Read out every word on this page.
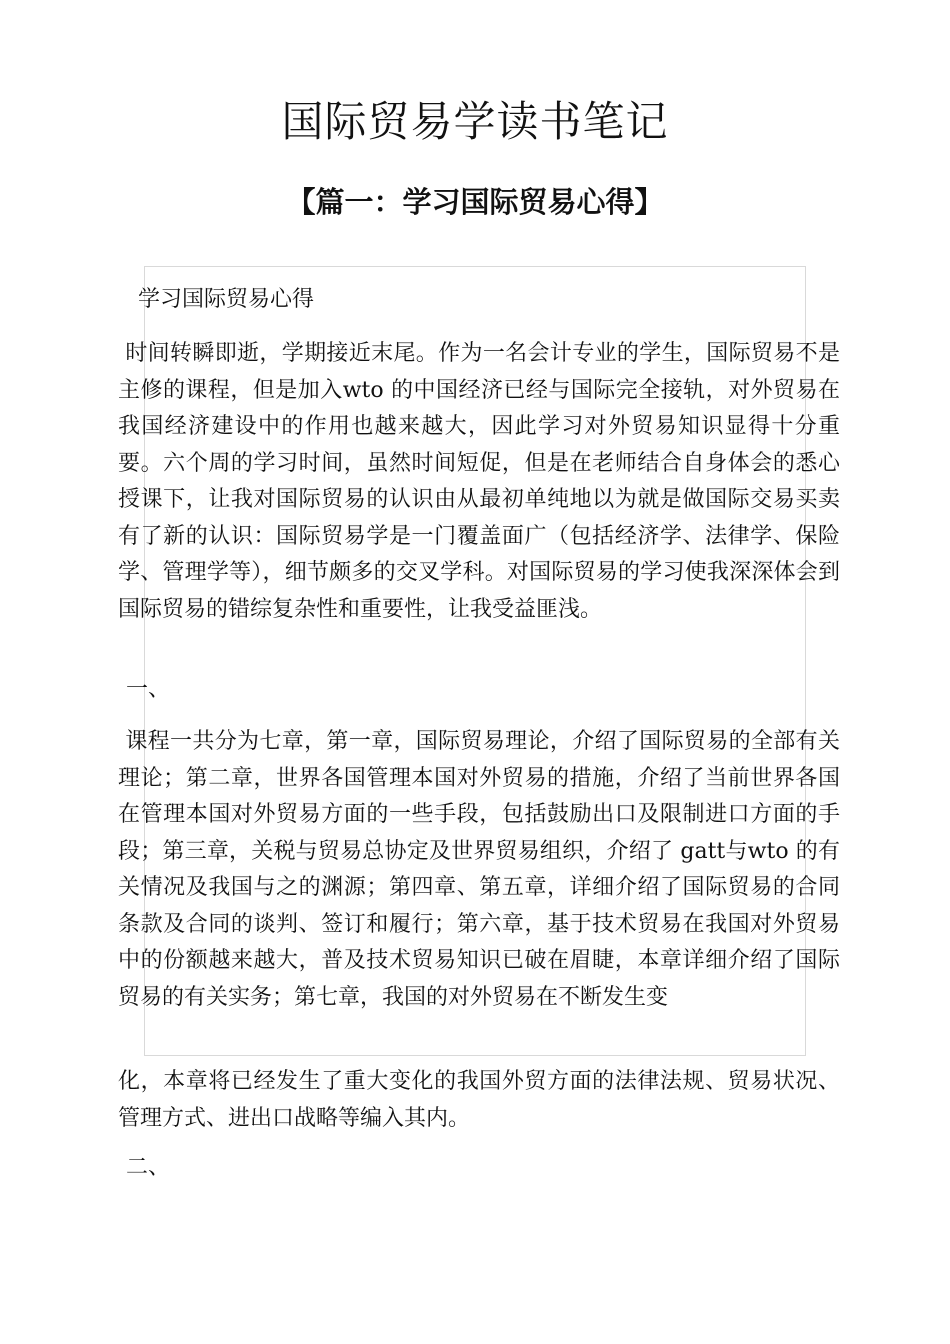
国际贸易学读书笔记
【篇一：学习国际贸易心得】

学习国际贸易心得

时间转瞬即逝，学期接近末尾。作为一名会计专业的学生，国际贸易不是主修的课程，但是加入wto 的中国经济已经与国际完全接轨，对外贸易在我国经济建设中的作用也越来越大，因此学习对外贸易知识显得十分重要。六个周的学习时间，虽然时间短促，但是在老师结合自身体会的悉心授课下，让我对国际贸易的认识由从最初单纯地以为就是做国际交易买卖有了新的认识：国际贸易学是一门覆盖面广（包括经济学、法律学、保险学、管理学等），细节颇多的交叉学科。对国际贸易的学习使我深深体会到国际贸易的错综复杂性和重要性，让我受益匪浅。

一、

课程一共分为七章，第一章，国际贸易理论，介绍了国际贸易的全部有关理论；第二章，世界各国管理本国对外贸易的措施，介绍了当前世界各国在管理本国对外贸易方面的一些手段，包括鼓励出口及限制进口方面的手段；第三章，关税与贸易总协定及世界贸易组织，介绍了 gatt与wto 的有关情况及我国与之的渊源；第四章、第五章，详细介绍了国际贸易的合同条款及合同的谈判、签订和履行；第六章，基于技术贸易在我国对外贸易中的份额越来越大，普及技术贸易知识已破在眉睫，本章详细介绍了国际贸易的有关实务；第七章，我国的对外贸易在不断发生变

化，本章将已经发生了重大变化的我国外贸方面的法律法规、贸易状况、管理方式、进出口战略等编入其内。

二、
